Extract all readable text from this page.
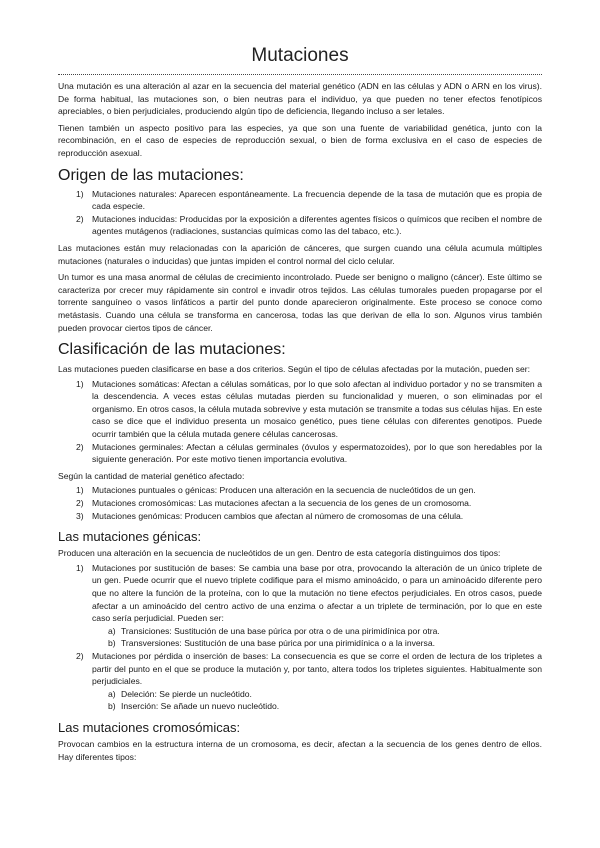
Mutaciones

Una mutación es una alteración al azar en la secuencia del material genético (ADN en las células y ADN o ARN en los virus). De forma habitual, las mutaciones son, o bien neutras para el individuo, ya que pueden no tener efectos fenotípicos apreciables, o bien perjudiciales, produciendo algún tipo de deficiencia, llegando incluso a ser letales.

Tienen también un aspecto positivo para las especies, ya que son una fuente de variabilidad genética, junto con la recombinación, en el caso de especies de reproducción sexual, o bien de forma exclusiva en el caso de especies de reproducción asexual.

Origen de las mutaciones:
1) Mutaciones naturales: Aparecen espontáneamente. La frecuencia depende de la tasa de mutación que es propia de cada especie.
2) Mutaciones inducidas: Producidas por la exposición a diferentes agentes físicos o químicos que reciben el nombre de agentes mutágenos (radiaciones, sustancias químicas como las del tabaco, etc.).

Las mutaciones están muy relacionadas con la aparición de cánceres, que surgen cuando una célula acumula múltiples mutaciones (naturales o inducidas) que juntas impiden el control normal del ciclo celular.

Un tumor es una masa anormal de células de crecimiento incontrolado. Puede ser benigno o maligno (cáncer). Este último se caracteriza por crecer muy rápidamente sin control e invadir otros tejidos. Las células tumorales pueden propagarse por el torrente sanguíneo o vasos linfáticos a partir del punto donde aparecieron originalmente. Este proceso se conoce como metástasis. Cuando una célula se transforma en cancerosa, todas las que derivan de ella lo son. Algunos virus también pueden provocar ciertos tipos de cáncer.

Clasificación de las mutaciones:

Las mutaciones pueden clasificarse en base a dos criterios. Según el tipo de células afectadas por la mutación, pueden ser:

1) Mutaciones somáticas: Afectan a células somáticas, por lo que solo afectan al individuo portador y no se transmiten a la descendencia. A veces estas células mutadas pierden su funcionalidad y mueren, o son eliminadas por el organismo. En otros casos, la célula mutada sobrevive y esta mutación se transmite a todas sus células hijas. En este caso se dice que el individuo presenta un mosaico genético, pues tiene células con diferentes genotipos. Puede ocurrir también que la célula mutada genere células cancerosas.
2) Mutaciones germinales: Afectan a células germinales (óvulos y espermatozoides), por lo que son heredables por la siguiente generación. Por este motivo tienen importancia evolutiva.

Según la cantidad de material genético afectado:

1) Mutaciones puntuales o génicas: Producen una alteración en la secuencia de nucleótidos de un gen.
2) Mutaciones cromosómicas: Las mutaciones afectan a la secuencia de los genes de un cromosoma.
3) Mutaciones genómicas: Producen cambios que afectan al número de cromosomas de una célula.
Las mutaciones génicas:

Producen una alteración en la secuencia de nucleótidos de un gen. Dentro de esta categoría distinguimos dos tipos:

1) Mutaciones por sustitución de bases: Se cambia una base por otra, provocando la alteración de un único triplete de un gen. Puede ocurrir que el nuevo triplete codifique para el mismo aminoácido, o para un aminoácido diferente pero que no altere la función de la proteína, con lo que la mutación no tiene efectos perjudiciales. En otros casos, puede afectar a un aminoácido del centro activo de una enzima o afectar a un triplete de terminación, por lo que en este caso sería perjudicial. Pueden ser:
a) Transiciones: Sustitución de una base púrica por otra o de una pirimidínica por otra.
b) Transversiones: Sustitución de una base púrica por una pirimidínica o a la inversa.
2) Mutaciones por pérdida o inserción de bases: La consecuencia es que se corre el orden de lectura de los tripletes a partir del punto en el que se produce la mutación y, por tanto, altera todos los tripletes siguientes. Habitualmente son perjudiciales.
a) Deleción: Se pierde un nucleótido.
b) Inserción: Se añade un nuevo nucleótido.
Las mutaciones cromosómicas:

Provocan cambios en la estructura interna de un cromosoma, es decir, afectan a la secuencia de los genes dentro de ellos. Hay diferentes tipos:
